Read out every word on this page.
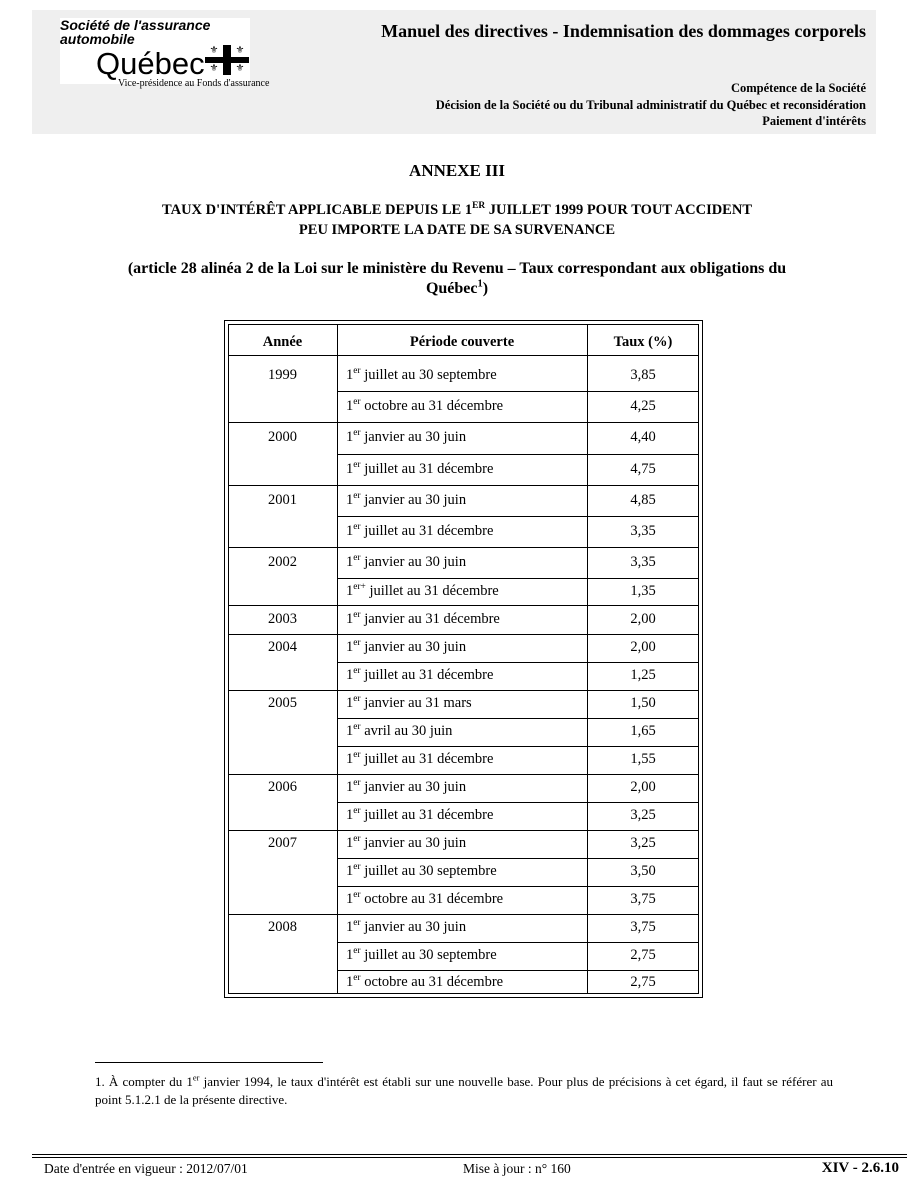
Société de l'assurance
automobile
Québec ⚜	⚜
⚜	⚜
Vice-présidence au Fonds d'assurance
Manuel des directives - Indemnisation des dommages corporels
Compétence de la Société
Décision de la Société ou du Tribunal administratif du Québec et reconsidération
Paiement d'intérêts
ANNEXE III
TAUX D'INTÉRÊT APPLICABLE DEPUIS LE 1ER JUILLET 1999 POUR TOUT ACCIDENT
PEU IMPORTE LA DATE DE SA SURVENANCE
(article 28 alinéa 2 de la Loi sur le ministère du Revenu – Taux correspondant aux obligations du
Québec$^1$)
Année	Période couverte	Taux (%)
1999	1er juillet au 30 septembre	3,85
1er octobre au 31 décembre	4,25
2000	1er janvier au 30 juin	4,40
1er juillet au 31 décembre	4,75
2001	1er janvier au 30 juin	4,85
1er juillet au 31 décembre	3,35
2002	1er janvier au 30 juin	3,35
$1^{er+}$ juillet au 31 décembre	1,35
2003	1er janvier au 31 décembre	2,00
2004	1er janvier au 30 juin	2,00
1er juillet au 31 décembre	1,25
2005	1er janvier au 31 mars	1,50
1er avril au 30 juin	1,65
1er juillet au 31 décembre	1,55
2006	1er janvier au 30 juin	2,00
1er juillet au 31 décembre	3,25
2007	1er janvier au 30 juin	3,25
1er juillet au 30 septembre	3,50
1er octobre au 31 décembre	3,75
2008	1er janvier au 30 juin	3,75
1er juillet au 30 septembre	2,75
1er octobre au 31 décembre	2,75
1. À compter du 1er janvier 1994, le taux d'intérêt est établi sur une nouvelle base. Pour plus de précisions à cet égard, il faut se référer au point 5.1.2.1 de la présente directive.
Date d'entrée en vigueur : 2012/07/01	Mise à jour : n° 160	XIV - 2.6.10
